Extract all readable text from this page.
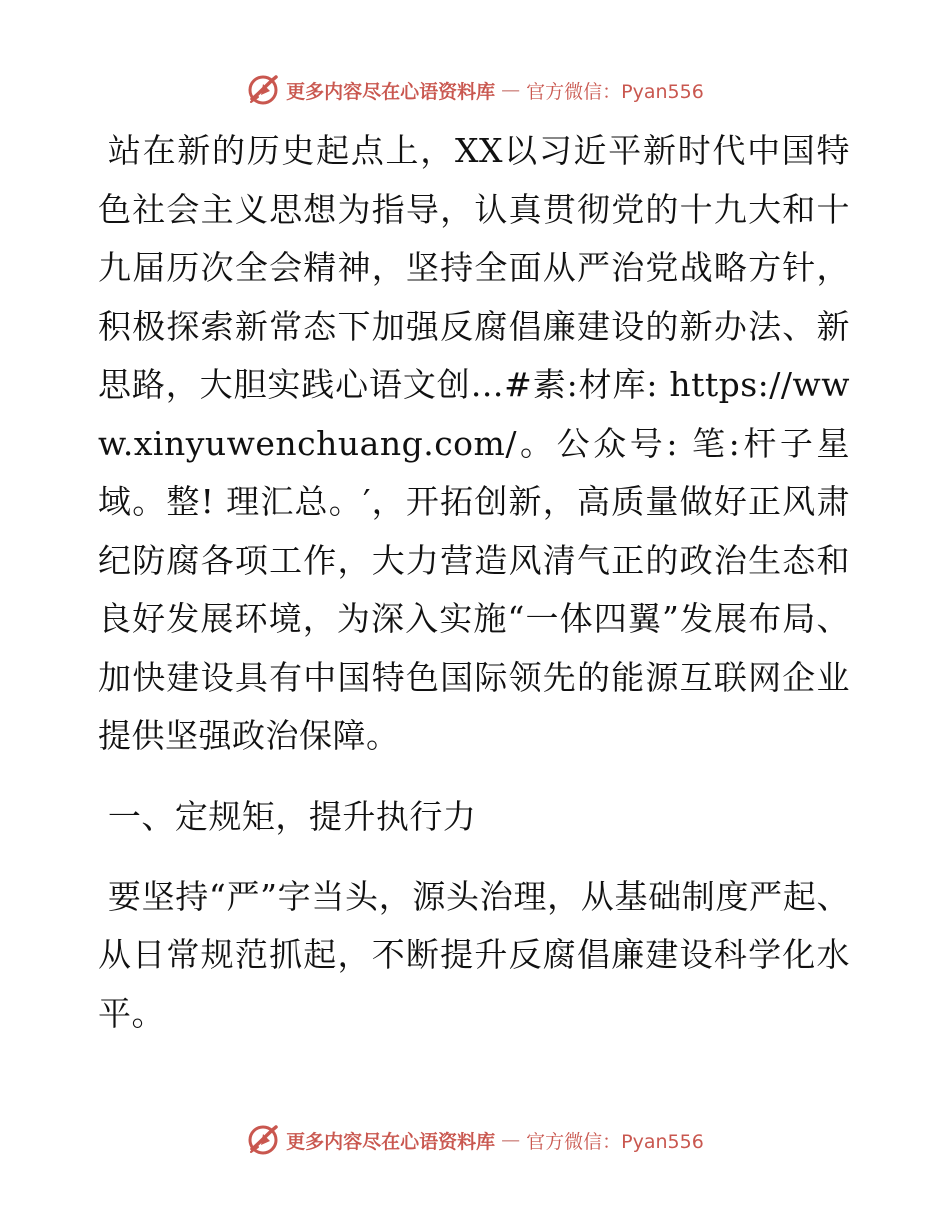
更多内容尽在心语资料库 — 官方微信：Pyan556

站在新的历史起点上，XX以习近平新时代中国特色社会主义思想为指导，认真贯彻党的十九大和十九届历次全会精神，坚持全面从严治党战略方针，积极探索新常态下加强反腐倡廉建设的新办法、新思路，大胆实践心语文创…#素:材库: https://www.xinyuwenchuang.com/。公众号: 笔:杆子星域。整! 理汇总。′，开拓创新，高质量做好正风肃纪防腐各项工作，大力营造风清气正的政治生态和良好发展环境，为深入实施“一体四翼”发展布局、加快建设具有中国特色国际领先的能源互联网企业提供坚强政治保障。

一、定规矩，提升执行力

要坚持“严”字当头，源头治理，从基础制度严起、从日常规范抓起，不断提升反腐倡廉建设科学化水平。

更多内容尽在心语资料库 — 官方微信：Pyan556
